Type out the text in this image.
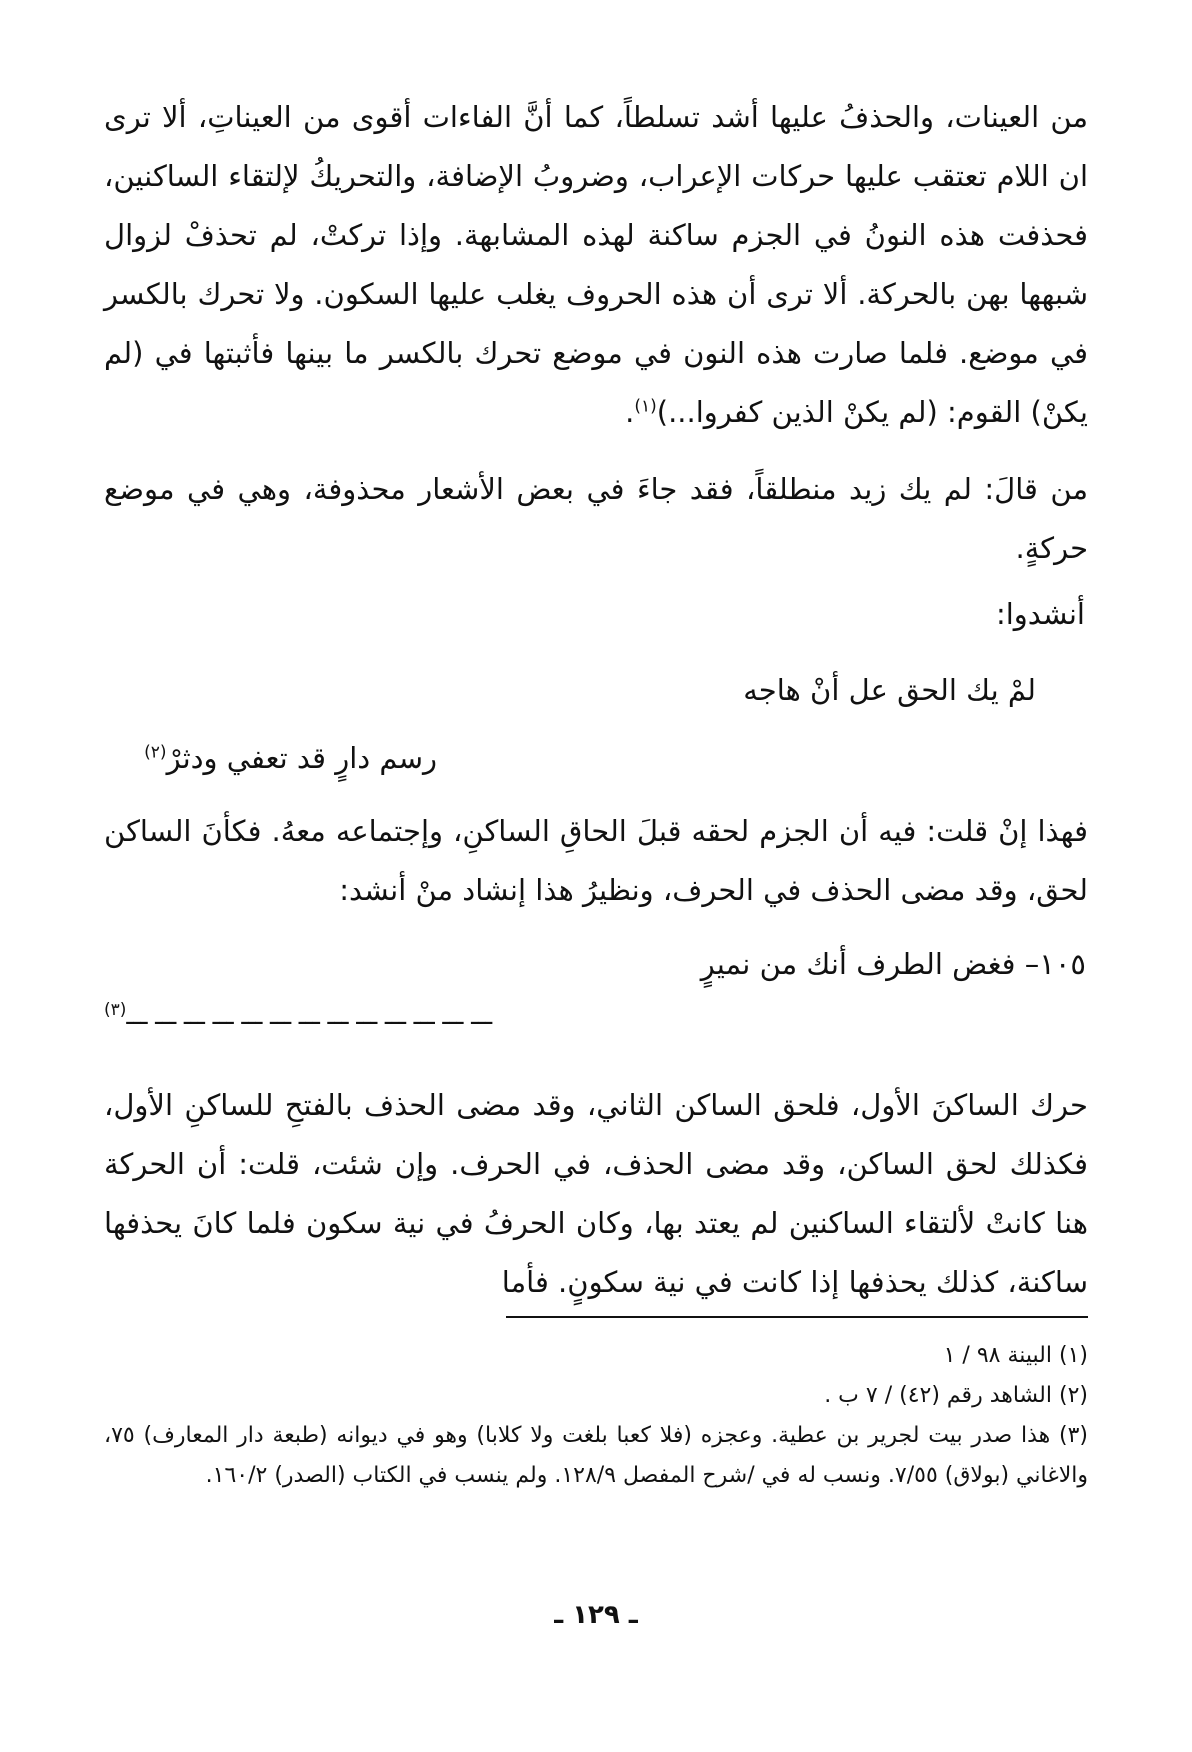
من العينات، والحذفُ عليها أشد تسلطاً، كما أنَّ الفاءات أقوى من العيناتِ، ألا ترى ان اللام تعتقب عليها حركات الإعراب، وضروبُ الإضافة، والتحريكُ لإلتقاء الساكنين، فحذفت هذه النونُ في الجزم ساكنة لهذه المشابهة. وإذا تركتْ، لم تحذفْ لزوال شبهها بهن بالحركة. ألا ترى أن هذه الحروف يغلب عليها السكون. ولا تحرك بالكسر في موضع. فلما صارت هذه النون في موضع تحرك بالكسر ما بينها فأثبتها في (لم يكنْ) القوم: (لم يكنْ الذين كفروا...)$^{(١)}$.
من قالَ: لم يك زيد منطلقاً، فقد جاءَ في بعض الأشعار محذوفة، وهي في موضع حركةٍ.
أنشدوا:
لمْ يك الحق عل أنْ هاجه
رسم دارٍ قد تعفي ودثرْ$^{(٢)}$
فهذا إنْ قلت: فيه أن الجزم لحقه قبلَ الحاقِ الساكنِ، وإجتماعه معهُ. فكأنَ الساكن لحق، وقد مضى الحذف في الحرف، ونظيرُ هذا إنشاد منْ أنشد:
١٠٥– فغض الطرف أنك من نميرٍ
ـــ ـــ ـــ ـــ ـــ ـــ ـــ ـــ ـــ ـــ ـــ ـــ ـــ$^{(٣)}$
حرك الساكنَ الأول، فلحق الساكن الثاني، وقد مضى الحذف بالفتحِ للساكنِ الأول، فكذلك لحق الساكن، وقد مضى الحذف، في الحرف. وإن شئت، قلت: أن الحركة هنا كانتْ لألتقاء الساكنين لم يعتد بها، وكان الحرفُ في نية سكون فلما كانَ يحذفها ساكنة، كذلك يحذفها إذا كانت في نية سكونٍ. فأما
(١) البينة ٩٨ / ١
(٢) الشاهد رقم (٤٢) / ٧ ب .
(٣) هذا صدر بيت لجرير بن عطية. وعجزه (فلا كعبا بلغت ولا كلابا) وهو في ديوانه (طبعة دار المعارف) ٧٥، والاغاني (بولاق) ٧/٥٥. ونسب له في /شرح المفصل ١٢٨/٩. ولم ينسب في الكتاب (الصدر) ١٦٠/٢.
ـ ١٢٩ ـ
